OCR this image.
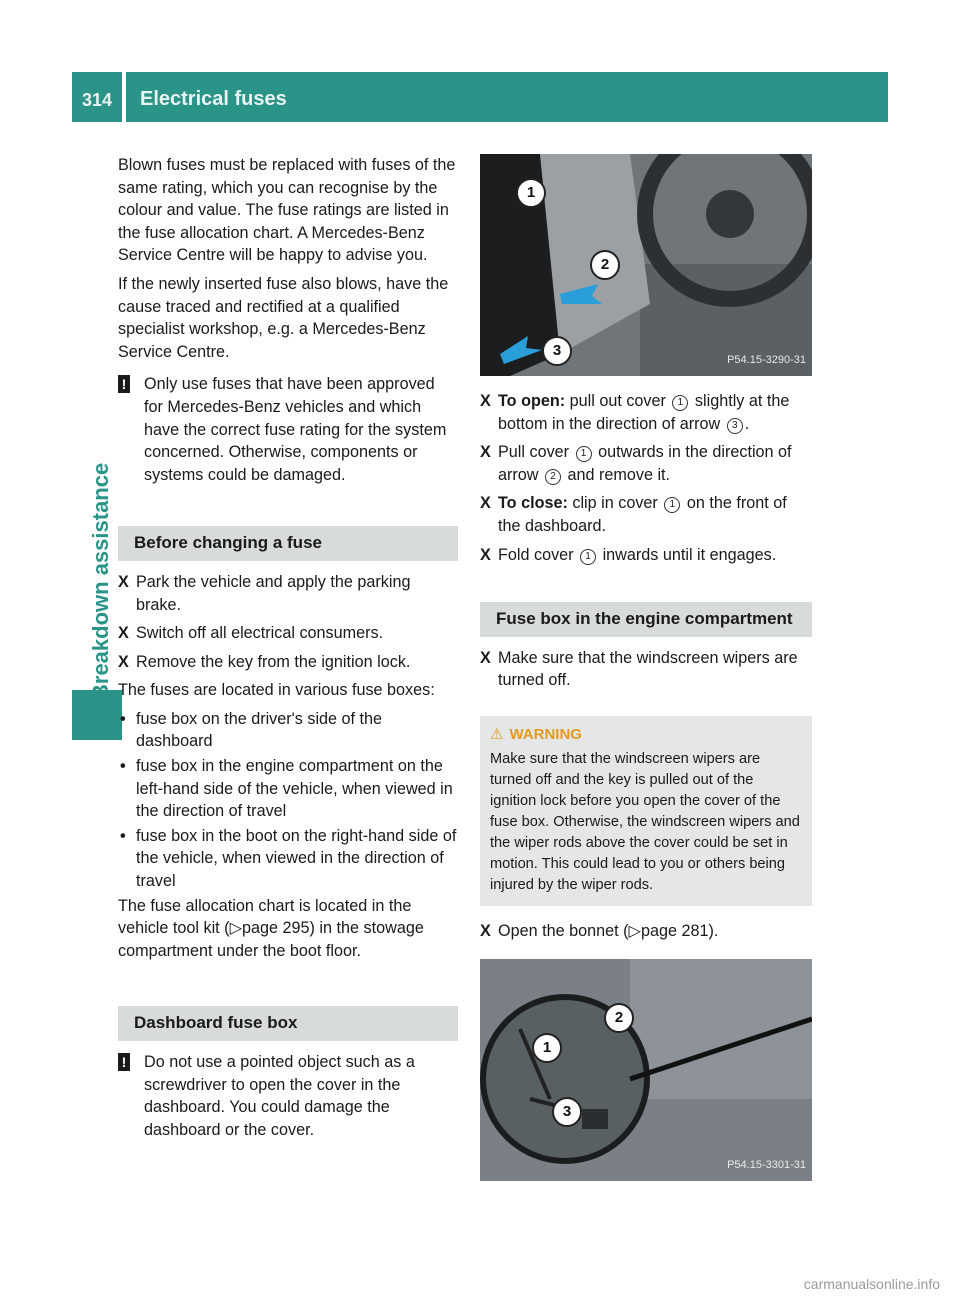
314	Electrical fuses
Breakdown assistance

Blown fuses must be replaced with fuses of the same rating, which you can recognise by the colour and value. The fuse ratings are listed in the fuse allocation chart. A Mercedes-Benz Service Centre will be happy to advise you.

If the newly inserted fuse also blows, have the cause traced and rectified at a qualified specialist workshop, e.g. a Mercedes-Benz Service Centre.

! Only use fuses that have been approved for Mercedes-Benz vehicles and which have the correct fuse rating for the system concerned. Otherwise, components or systems could be damaged.
Before changing a fuse
X Park the vehicle and apply the parking brake.
X Switch off all electrical consumers.
X Remove the key from the ignition lock.

The fuses are located in various fuse boxes:

• fuse box on the driver's side of the dashboard
• fuse box in the engine compartment on the left-hand side of the vehicle, when viewed in the direction of travel
• fuse box in the boot on the right-hand side of the vehicle, when viewed in the direction of travel

The fuse allocation chart is located in the vehicle tool kit (▷page 295) in the stowage compartment under the boot floor.

Dashboard fuse box
! Do not use a pointed object such as a screwdriver to open the cover in the dashboard. You could damage the dashboard or the cover.
1
2
3
P54.15-3290-31
X To open: pull out cover 1 slightly at the bottom in the direction of arrow 3 .
X Pull cover 1 outwards in the direction of arrow 2 and remove it.
X To close: clip in cover 1 on the front of the dashboard.
X Fold cover 1 inwards until it engages.
Fuse box in the engine compartment
X Make sure that the windscreen wipers are turned off.
⚠ WARNING
Make sure that the windscreen wipers are turned off and the key is pulled out of the ignition lock before you open the cover of the fuse box. Otherwise, the windscreen wipers and the wiper rods above the cover could be set in motion. This could lead to you or others being injured by the wiper rods.
X Open the bonnet (▷page 281).
1
2
3
P54.15-3301-31
carmanualsonline.info
